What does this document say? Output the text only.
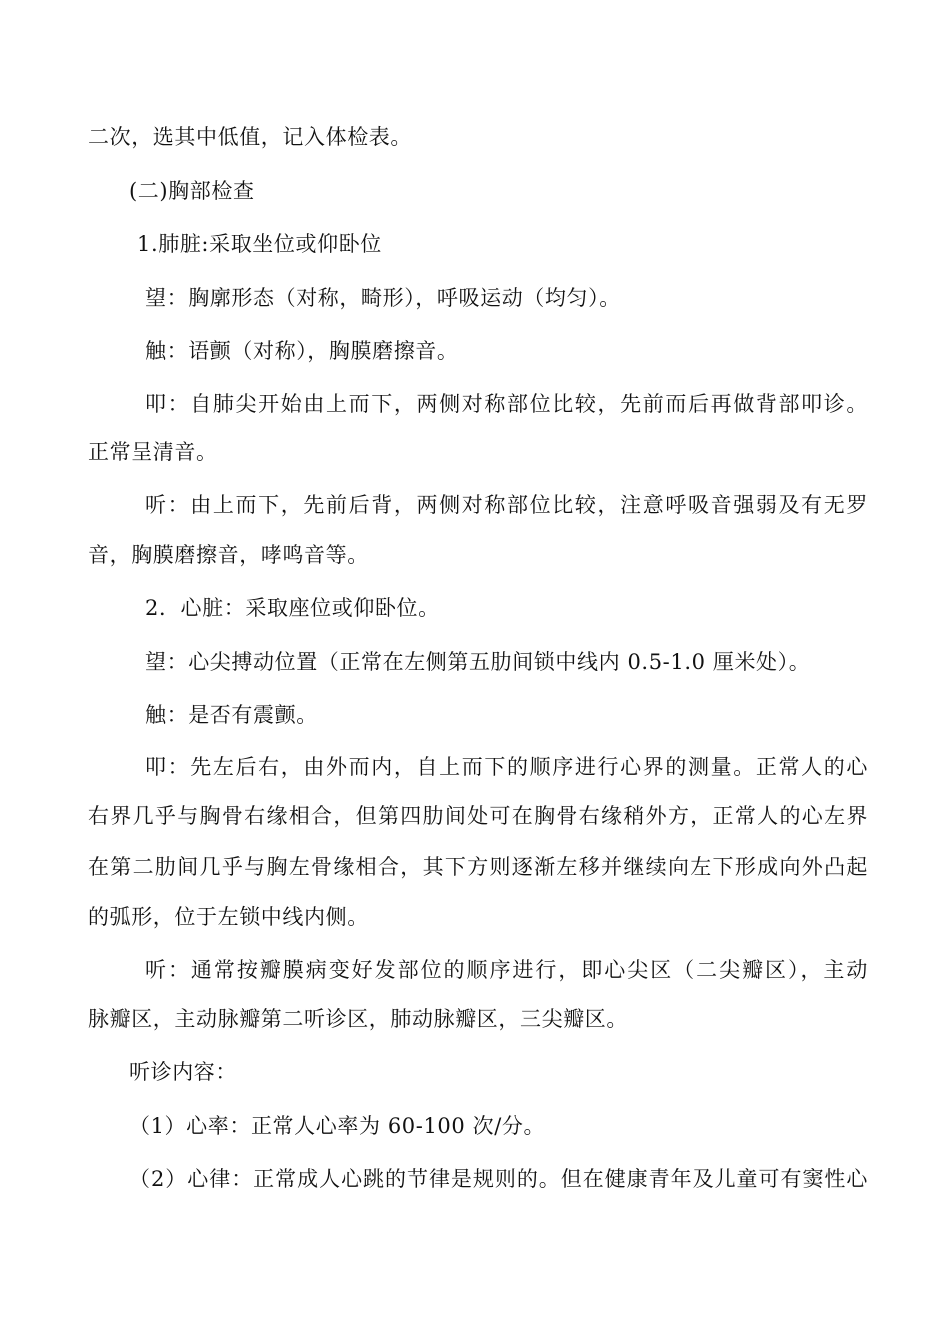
二次，选其中低值，记入体检表。
(二)胸部检查
1.肺脏:采取坐位或仰卧位
望：胸廓形态（对称，畸形），呼吸运动（均匀）。
触：语颤（对称），胸膜磨擦音。
叩：自肺尖开始由上而下，两侧对称部位比较，先前而后再做背部叩诊。
正常呈清音。
听：由上而下，先前后背，两侧对称部位比较，注意呼吸音强弱及有无罗
音，胸膜磨擦音，哮鸣音等。
2．心脏：采取座位或仰卧位。
望：心尖搏动位置（正常在左侧第五肋间锁中线内 0.5-1.0 厘米处）。
触：是否有震颤。
叩：先左后右，由外而内，自上而下的顺序进行心界的测量。正常人的心
右界几乎与胸骨右缘相合，但第四肋间处可在胸骨右缘稍外方，正常人的心左界
在第二肋间几乎与胸左骨缘相合，其下方则逐渐左移并继续向左下形成向外凸起
的弧形，位于左锁中线内侧。
听：通常按瓣膜病变好发部位的顺序进行，即心尖区（二尖瓣区），主动
脉瓣区，主动脉瓣第二听诊区，肺动脉瓣区，三尖瓣区。
听诊内容：
（1）心率：正常人心率为 60-100 次/分。
（2）心律：正常成人心跳的节律是规则的。但在健康青年及儿童可有窦性心
